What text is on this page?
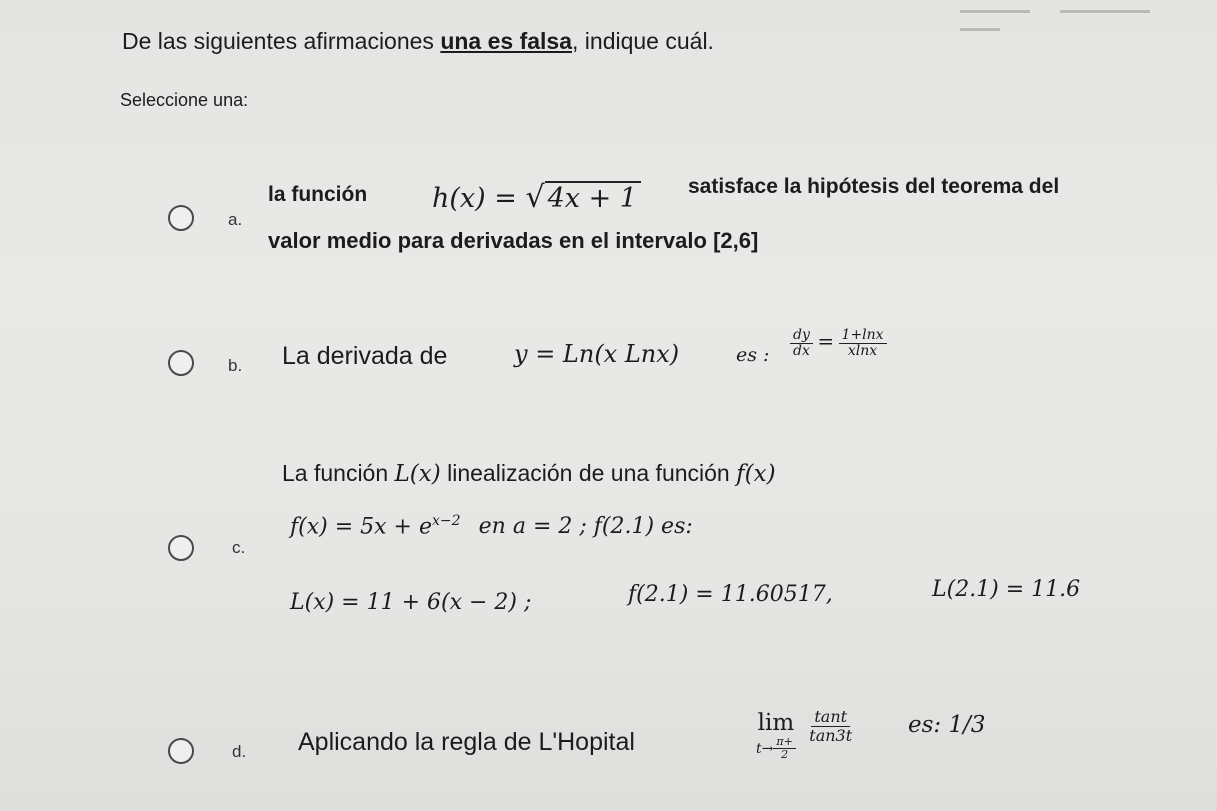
De las siguientes afirmaciones una es falsa, indique cuál.
Seleccione una:
a.
la función h(x) = √ 4x + 1 satisface la hipótesis del teorema del
valor medio para derivadas en el intervalo [2,6]
b. La derivada de	y = Ln(x Lnx)	es : $\frac{dy}{dx} = \frac{1+\ln x}{xlnx}$
La función L(x) linealización de una función f(x)
c.
$f(x) = 5x + e^{x-2}$ en a = 2 ; f(2.1) es:
L(x) = 11 + 6(x − 2) ;	f(2.1) = 11.60517,	L(2.1) = 11.6
d. Aplicando la regla de L'Hopital
lim
$t\to \frac{\pi+}{2}$

$\frac{\tan t}{\tan 3t}$ es: 1/3
